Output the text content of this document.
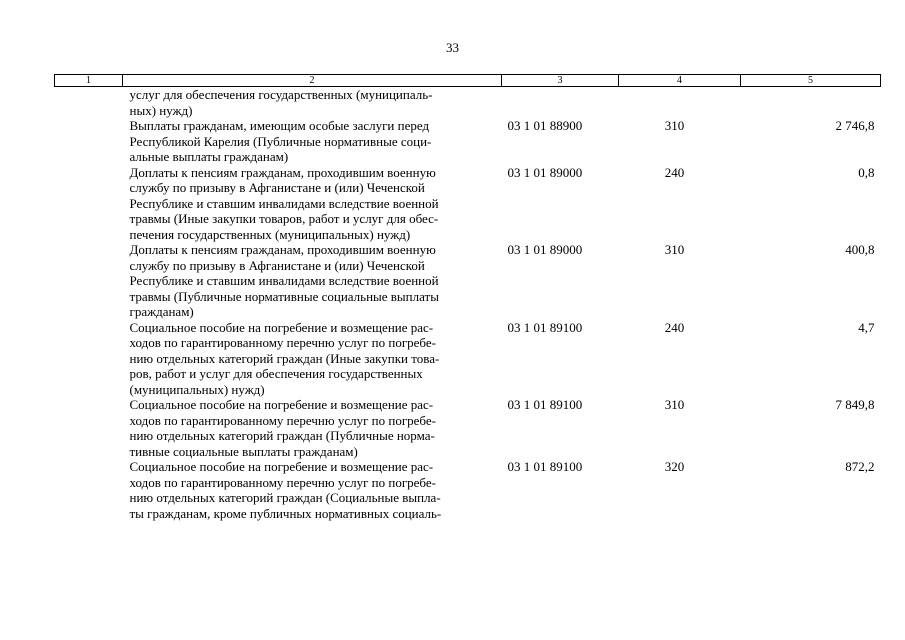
33
1	2	3	4	5

	услуг для обеспечения государственных (муниципаль-
ных) нужд)			

	Выплаты гражданам, имеющим особые заслуги перед
Республикой Карелия (Публичные нормативные соци-
альные выплаты гражданам)	03 1 01 88900	310	2 746,8

	Доплаты к пенсиям гражданам, проходившим военную
службу по призыву в Афганистане и (или) Чеченской
Республике и ставшим инвалидами вследствие военной
травмы (Иные закупки товаров, работ и услуг для обес-
печения государственных (муниципальных) нужд)	03 1 01 89000	240	0,8

	Доплаты к пенсиям гражданам, проходившим военную
службу по призыву в Афганистане и (или) Чеченской
Республике и ставшим инвалидами вследствие военной
травмы (Публичные нормативные социальные выплаты
гражданам)	03 1 01 89000	310	400,8

	Социальное пособие на погребение и возмещение рас-
ходов по гарантированному перечню услуг по погребе-
нию отдельных категорий граждан (Иные закупки това-
ров, работ и услуг для обеспечения государственных
(муниципальных) нужд)	03 1 01 89100	240	4,7

	Социальное пособие на погребение и возмещение рас-
ходов по гарантированному перечню услуг по погребе-
нию отдельных категорий граждан (Публичные норма-
тивные социальные выплаты гражданам)	03 1 01 89100	310	7 849,8

	Социальное пособие на погребение и возмещение рас-
ходов по гарантированному перечню услуг по погребе-
нию отдельных категорий граждан (Социальные выпла-
ты гражданам, кроме публичных нормативных социаль-	03 1 01 89100	320	872,2
